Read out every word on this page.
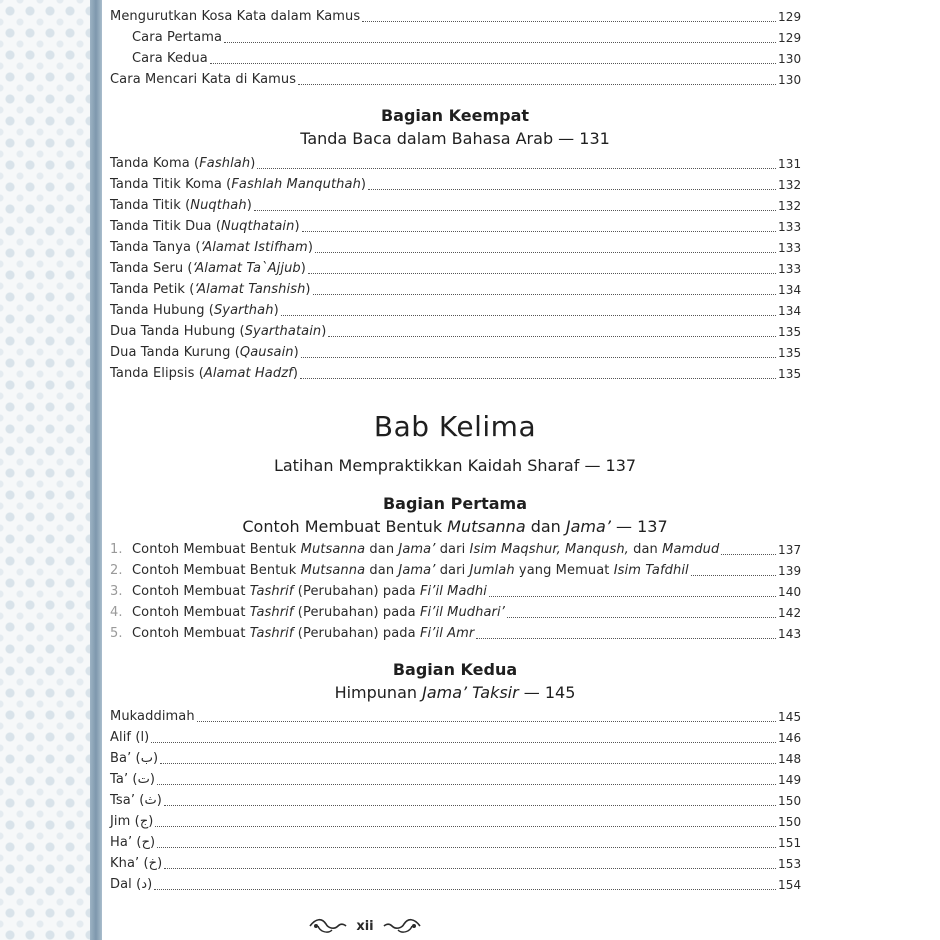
Mengurutkan Kosa Kata dalam Kamus	129
Cara Pertama	129
Cara Kedua	130
Cara Mencari Kata di Kamus	130
Bagian Keempat
Tanda Baca dalam Bahasa Arab — 131
Tanda Koma (Fashlah)	131
Tanda Titik Koma (Fashlah Manquthah)	132
Tanda Titik (Nuqthah)	132
Tanda Titik Dua (Nuqthatain)	133
Tanda Tanya (‘Alamat Istifham)	133
Tanda Seru (‘Alamat Ta`Ajjub)	133
Tanda Petik (‘Alamat Tanshish)	134
Tanda Hubung (Syarthah)	134
Dua Tanda Hubung (Syarthatain)	135
Dua Tanda Kurung (Qausain)	135
Tanda Elipsis (Alamat Hadzf)	135
Bab Kelima
Latihan Mempraktikkan Kaidah Sharaf — 137
Bagian Pertama
Contoh Membuat Bentuk Mutsanna dan Jama’ — 137
1. Contoh Membuat Bentuk Mutsanna dan Jama’ dari Isim Maqshur, Manqush, dan Mamdud	137
2. Contoh Membuat Bentuk Mutsanna dan Jama’ dari Jumlah yang Memuat Isim Tafdhil	139
3. Contoh Membuat Tashrif (Perubahan) pada Fi’il Madhi	140
4. Contoh Membuat Tashrif (Perubahan) pada Fi’il Mudhari’	142
5. Contoh Membuat Tashrif (Perubahan) pada Fi’il Amr	143
Bagian Kedua
Himpunan Jama’ Taksir — 145
Mukaddimah	145
Alif (ا)	146
Ba’ (ب)	148
Ta’ (ت)	149
Tsa’ (ث)	150
Jim (ج)	150
Ha’ (ح)	151
Kha’ (خ)	153
Dal (د)	154
xii
